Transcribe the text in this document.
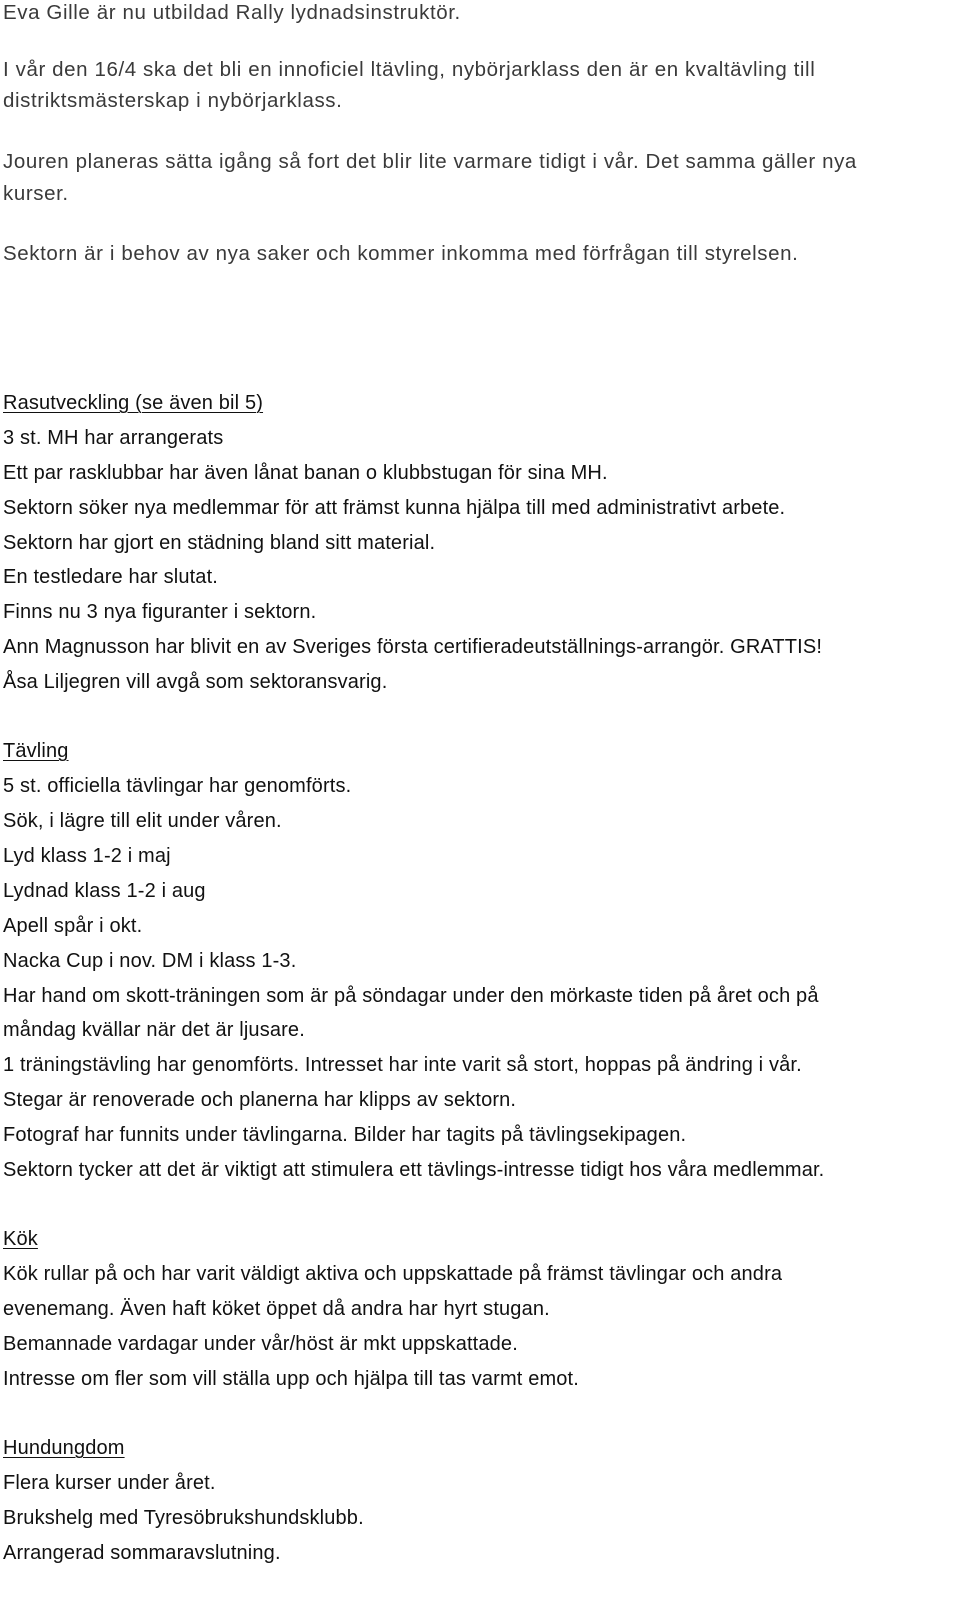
Eva Gille är nu utbildad Rally lydnadsinstruktör.
I vår den 16/4 ska det bli en innoficiel ltävling, nybörjarklass den är en kvaltävling till
distriktsmästerskap i nybörjarklass.
Jouren planeras sätta igång så fort det blir lite varmare tidigt i vår. Det samma gäller nya
kurser.
Sektorn är i behov av nya saker och kommer inkomma med förfrågan till styrelsen.
Rasutveckling (se även bil 5)
3 st. MH har arrangerats
Ett par rasklubbar har även lånat banan o klubbstugan för sina MH.
Sektorn söker nya medlemmar för att främst kunna hjälpa till med administrativt arbete.
Sektorn har gjort en städning bland sitt material.
En testledare har slutat.
Finns nu 3 nya figuranter i sektorn.
Ann Magnusson har blivit en av Sveriges första certifieradeutställnings-arrangör. GRATTIS!
Åsa Liljegren vill avgå som sektoransvarig.
Tävling
5 st. officiella tävlingar har genomförts.
Sök, i lägre till elit under våren.
Lyd klass 1-2 i maj
Lydnad klass 1-2 i aug
Apell spår i okt.
Nacka Cup i nov. DM i klass 1-3.
Har hand om skott-träningen som är på söndagar under den mörkaste tiden på året och på
måndag kvällar när det är ljusare.
1 träningstävling har genomförts. Intresset har inte varit så stort, hoppas på ändring i vår.
Stegar är renoverade och planerna har klipps av sektorn.
Fotograf har funnits under tävlingarna. Bilder har tagits på tävlingsekipagen.
Sektorn tycker att det är viktigt att stimulera ett tävlings-intresse tidigt hos våra medlemmar.
Kök
Kök rullar på och har varit väldigt aktiva och uppskattade på främst tävlingar och andra
evenemang. Även haft köket öppet då andra har hyrt stugan.
Bemannade vardagar under vår/höst är mkt uppskattade.
Intresse om fler som vill ställa upp och hjälpa till tas varmt emot.
Hundungdom
Flera kurser under året.
Brukshelg med Tyresöbrukshundsklubb.
Arrangerad sommaravslutning.
